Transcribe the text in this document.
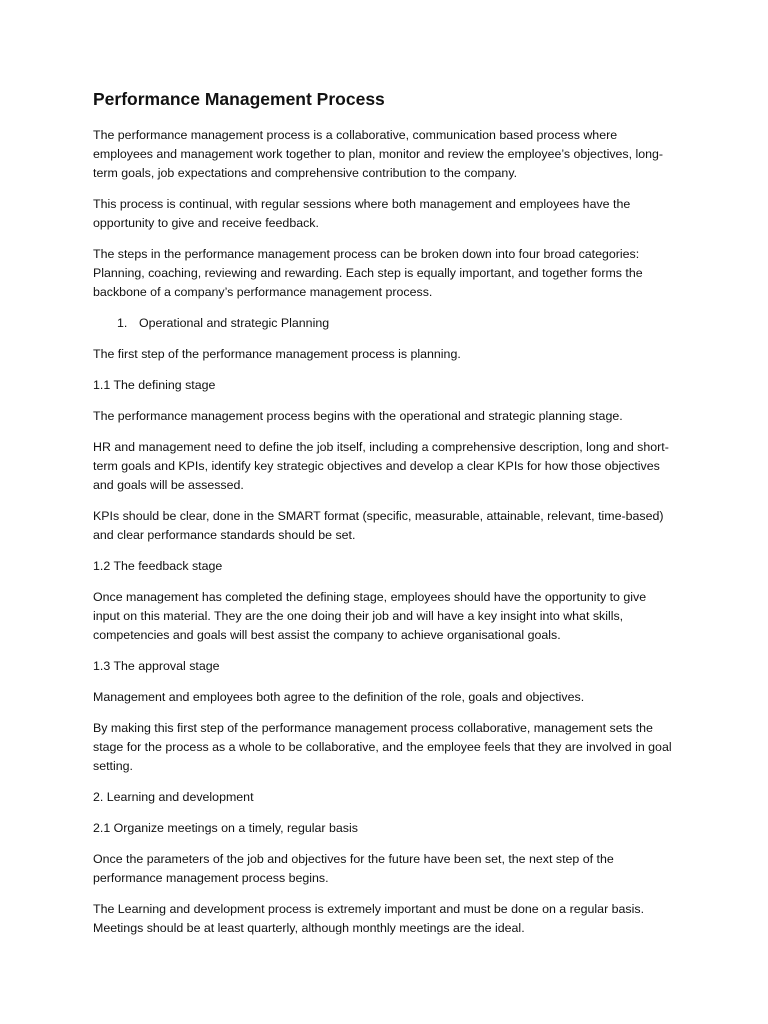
Performance Management Process

The performance management process is a collaborative, communication based process where employees and management work together to plan, monitor and review the employee’s objectives, long-term goals, job expectations and comprehensive contribution to the company.

This process is continual, with regular sessions where both management and employees have the opportunity to give and receive feedback.

The steps in the performance management process can be broken down into four broad categories: Planning, coaching, reviewing and rewarding. Each step is equally important, and together forms the backbone of a company’s performance management process.

1. Operational and strategic Planning

The first step of the performance management process is planning.

1.1 The defining stage

The performance management process begins with the operational and strategic planning stage.

HR and management need to define the job itself, including a comprehensive description, long and short-term goals and KPIs, identify key strategic objectives and develop a clear KPIs for how those objectives and goals will be assessed.

KPIs should be clear, done in the SMART format (specific, measurable, attainable, relevant, time-based) and clear performance standards should be set.

1.2 The feedback stage

Once management has completed the defining stage, employees should have the opportunity to give input on this material. They are the one doing their job and will have a key insight into what skills, competencies and goals will best assist the company to achieve organisational goals.

1.3 The approval stage

Management and employees both agree to the definition of the role, goals and objectives.

By making this first step of the performance management process collaborative, management sets the stage for the process as a whole to be collaborative, and the employee feels that they are involved in goal setting.

2. Learning and development

2.1 Organize meetings on a timely, regular basis

Once the parameters of the job and objectives for the future have been set, the next step of the performance management process begins.

The Learning and development process is extremely important and must be done on a regular basis. Meetings should be at least quarterly, although monthly meetings are the ideal.
